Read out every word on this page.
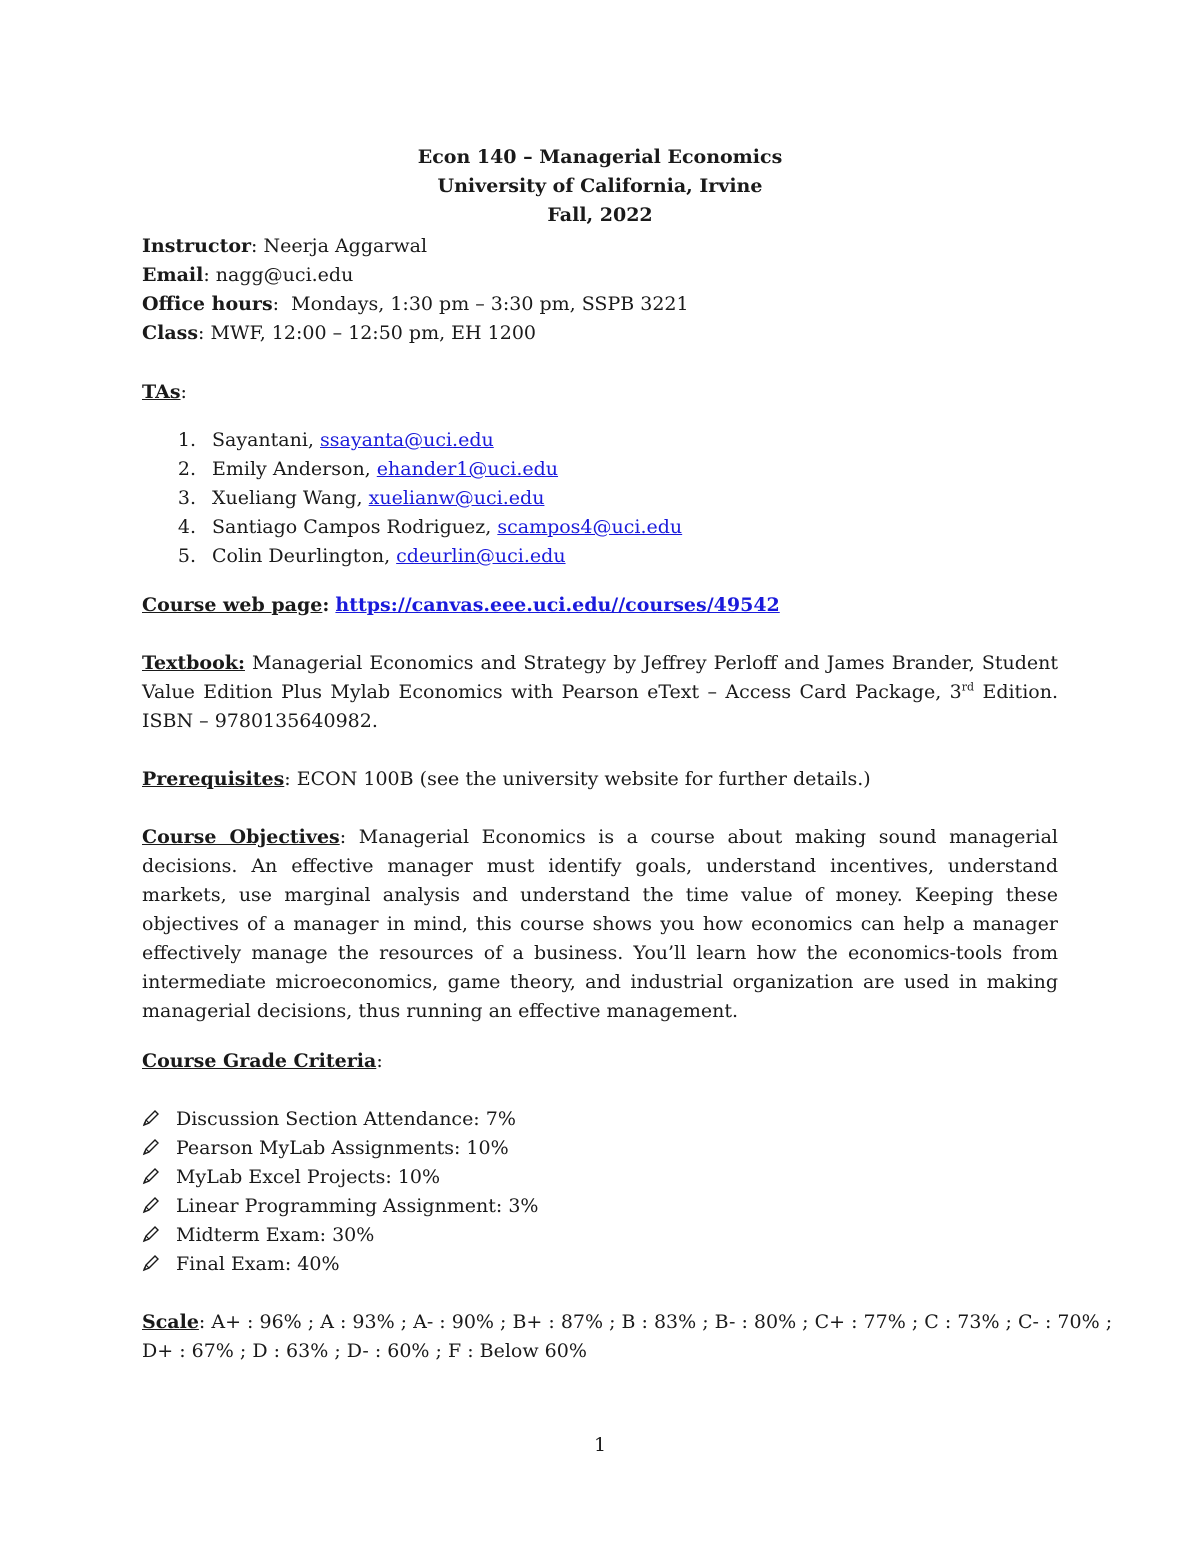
Econ 140 – Managerial Economics
University of California, Irvine
Fall, 2022
Instructor: Neerja Aggarwal
Email: nagg@uci.edu
Office hours:  Mondays, 1:30 pm – 3:30 pm, SSPB 3221
Class: MWF, 12:00 – 12:50 pm, EH 1200
TAs:
1. Sayantani, ssayanta@uci.edu
2. Emily Anderson, ehander1@uci.edu
3. Xueliang Wang, xuelianw@uci.edu
4. Santiago Campos Rodriguez, scampos4@uci.edu
5. Colin Deurlington, cdeurlin@uci.edu
Course web page: https://canvas.eee.uci.edu//courses/49542
Textbook: Managerial Economics and Strategy by Jeffrey Perloff and James Brander, Student
Value Edition Plus Mylab Economics with Pearson eText – Access Card Package, 3rd Edition.
ISBN – 9780135640982.
Prerequisites: ECON 100B (see the university website for further details.)
Course Objectives: Managerial Economics is a course about making sound managerial
decisions. An effective manager must identify goals, understand incentives, understand
markets, use marginal analysis and understand the time value of money. Keeping these
objectives of a manager in mind, this course shows you how economics can help a manager
effectively manage the resources of a business. You’ll learn how the economics-tools from
intermediate microeconomics, game theory, and industrial organization are used in making
managerial decisions, thus running an effective management.
Course Grade Criteria:
Discussion Section Attendance: 7%
Pearson MyLab Assignments: 10%
MyLab Excel Projects: 10%
Linear Programming Assignment: 3%
Midterm Exam: 30%
Final Exam: 40%
Scale: A+ : 96% ; A : 93% ; A- : 90% ; B+ : 87% ; B : 83% ; B- : 80% ; C+ : 77% ; C : 73% ; C- : 70% ;
D+ : 67% ; D : 63% ; D- : 60% ; F : Below 60%
1
